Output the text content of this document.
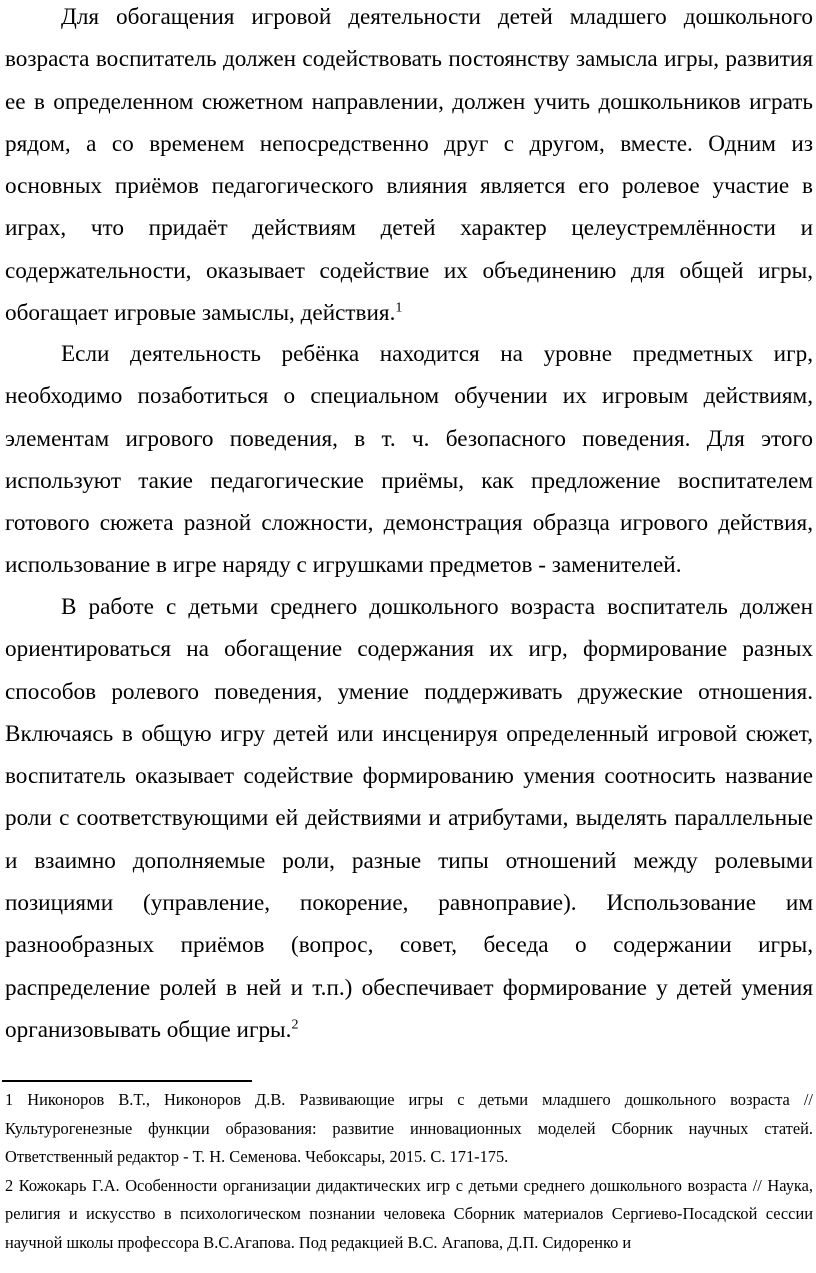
Для обогащения игровой деятельности детей младшего дошкольного возраста воспитатель должен содействовать постоянству замысла игры, развития ее в определенном сюжетном направлении, должен учить дошкольников играть рядом, а со временем непосредственно друг с другом, вместе. Одним из основных приёмов педагогического влияния является его ролевое участие в играх, что придаёт действиям детей характер целеустремлённости и содержательности, оказывает содействие их объединению для общей игры, обогащает игровые замыслы, действия.$^1$

Если деятельность ребёнка находится на уровне предметных игр, необходимо позаботиться о специальном обучении их игровым действиям, элементам игрового поведения, в т. ч. безопасного поведения. Для этого используют такие педагогические приёмы, как предложение воспитателем готового сюжета разной сложности, демонстрация образца игрового действия, использование в игре наряду с игрушками предметов - заменителей.

В работе с детьми среднего дошкольного возраста воспитатель должен ориентироваться на обогащение содержания их игр, формирование разных способов ролевого поведения, умение поддерживать дружеские отношения. Включаясь в общую игру детей или инсценируя определенный игровой сюжет, воспитатель оказывает содействие формированию умения соотносить название роли с соответствующими ей действиями и атрибутами, выделять параллельные и взаимно дополняемые роли, разные типы отношений между ролевыми позициями (управление, покорение, равноправие). Использование им разнообразных приёмов (вопрос, совет, беседа о содержании игры, распределение ролей в ней и т.п.) обеспечивает формирование у детей умения организовывать общие игры.$^2$

1 Никоноров В.Т., Никоноров Д.В. Развивающие игры с детьми младшего дошкольного возраста // Культурогенезные функции образования: развитие инновационных моделей Сборник научных статей. Ответственный редактор - Т. Н. Семенова. Чебоксары, 2015. С. 171-175.

2 Кожокарь Г.А. Особенности организации дидактических игр с детьми среднего дошкольного возраста // Наука, религия и искусство в психологическом познании человека Сборник материалов Сергиево-Посадской сессии научной школы профессора В.С.Агапова. Под редакцией В.С. Агапова, Д.П. Сидоренко и
